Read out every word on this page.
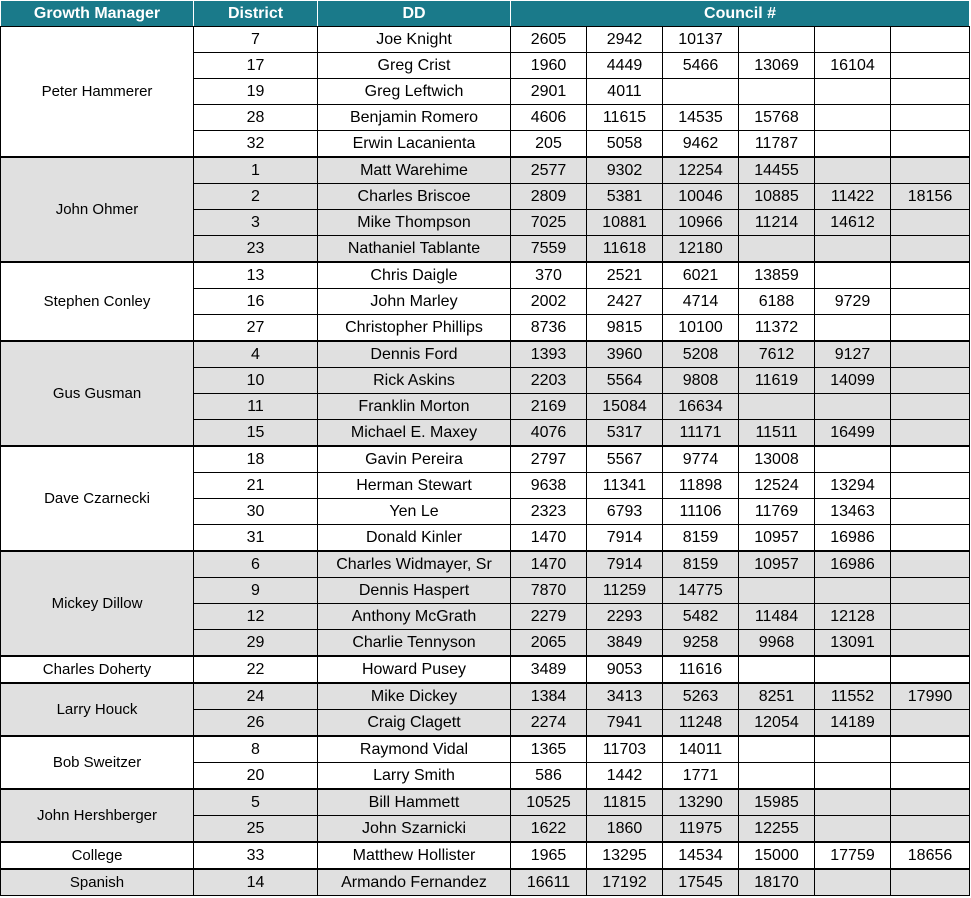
Growth Manager	District	DD	Council #					
Peter Hammerer	7	Joe Knight	2605	2942	10137			
	17	Greg Crist	1960	4449	5466	13069	16104	
	19	Greg Leftwich	2901	4011				
	28	Benjamin Romero	4606	11615	14535	15768		
	32	Erwin Lacanienta	205	5058	9462	11787		
John Ohmer	1	Matt Warehime	2577	9302	12254	14455		
	2	Charles Briscoe	2809	5381	10046	10885	11422	18156
	3	Mike Thompson	7025	10881	10966	11214	14612	
	23	Nathaniel Tablante	7559	11618	12180			
Stephen Conley	13	Chris Daigle	370	2521	6021	13859		
	16	John Marley	2002	2427	4714	6188	9729	
	27	Christopher Phillips	8736	9815	10100	11372		
Gus Gusman	4	Dennis Ford	1393	3960	5208	7612	9127	
	10	Rick Askins	2203	5564	9808	11619	14099	
	11	Franklin Morton	2169	15084	16634			
	15	Michael E. Maxey	4076	5317	11171	11511	16499	
Dave Czarnecki	18	Gavin Pereira	2797	5567	9774	13008		
	21	Herman Stewart	9638	11341	11898	12524	13294	
	30	Yen Le	2323	6793	11106	11769	13463	
	31	Donald Kinler	1470	7914	8159	10957	16986	
Mickey Dillow	6	Charles Widmayer, Sr	1470	7914	8159	10957	16986	
	9	Dennis Haspert	7870	11259	14775			
	12	Anthony McGrath	2279	2293	5482	11484	12128	
	29	Charlie Tennyson	2065	3849	9258	9968	13091	
Charles Doherty	22	Howard Pusey	3489	9053	11616			
Larry Houck	24	Mike Dickey	1384	3413	5263	8251	11552	17990
	26	Craig Clagett	2274	7941	11248	12054	14189	
Bob Sweitzer	8	Raymond Vidal	1365	11703	14011			
	20	Larry Smith	586	1442	1771			
John Hershberger	5	Bill Hammett	10525	11815	13290	15985		
	25	John Szarnicki	1622	1860	11975	12255		
College	33	Matthew Hollister	1965	13295	14534	15000	17759	18656
Spanish	14	Armando Fernandez	16611	17192	17545	18170		
